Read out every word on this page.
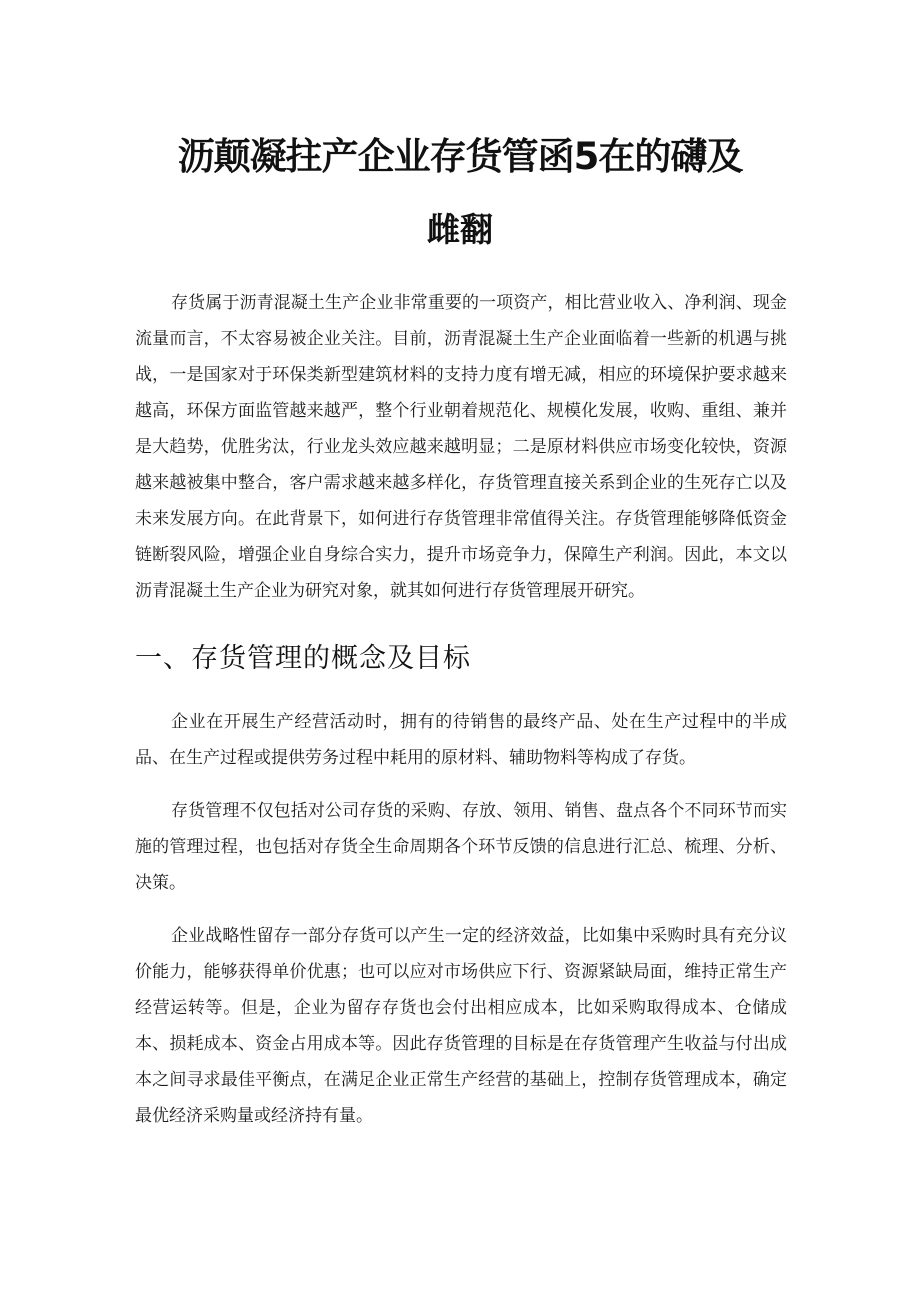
沥颠凝拄产企业存货管函5在的礴及
雌翻

存货属于沥青混凝土生产企业非常重要的一项资产，相比营业收入、净利润、现金流量而言，不太容易被企业关注。目前，沥青混凝土生产企业面临着一些新的机遇与挑战，一是国家对于环保类新型建筑材料的支持力度有增无减，相应的环境保护要求越来越高，环保方面监管越来越严，整个行业朝着规范化、规模化发展，收购、重组、兼并是大趋势，优胜劣汰，行业龙头效应越来越明显；二是原材料供应市场变化较快，资源越来越被集中整合，客户需求越来越多样化，存货管理直接关系到企业的生死存亡以及未来发展方向。在此背景下，如何进行存货管理非常值得关注。存货管理能够降低资金链断裂风险，增强企业自身综合实力，提升市场竞争力，保障生产利润。因此，本文以沥青混凝土生产企业为研究对象，就其如何进行存货管理展开研究。

一、存货管理的概念及目标

企业在开展生产经营活动时，拥有的待销售的最终产品、处在生产过程中的半成品、在生产过程或提供劳务过程中耗用的原材料、辅助物料等构成了存货。

存货管理不仅包括对公司存货的采购、存放、领用、销售、盘点各个不同环节而实施的管理过程，也包括对存货全生命周期各个环节反馈的信息进行汇总、梳理、分析、决策。

企业战略性留存一部分存货可以产生一定的经济效益，比如集中采购时具有充分议价能力，能够获得单价优惠；也可以应对市场供应下行、资源紧缺局面，维持正常生产经营运转等。但是，企业为留存存货也会付出相应成本，比如采购取得成本、仓储成本、损耗成本、资金占用成本等。因此存货管理的目标是在存货管理产生收益与付出成本之间寻求最佳平衡点，在满足企业正常生产经营的基础上，控制存货管理成本，确定最优经济采购量或经济持有量。
